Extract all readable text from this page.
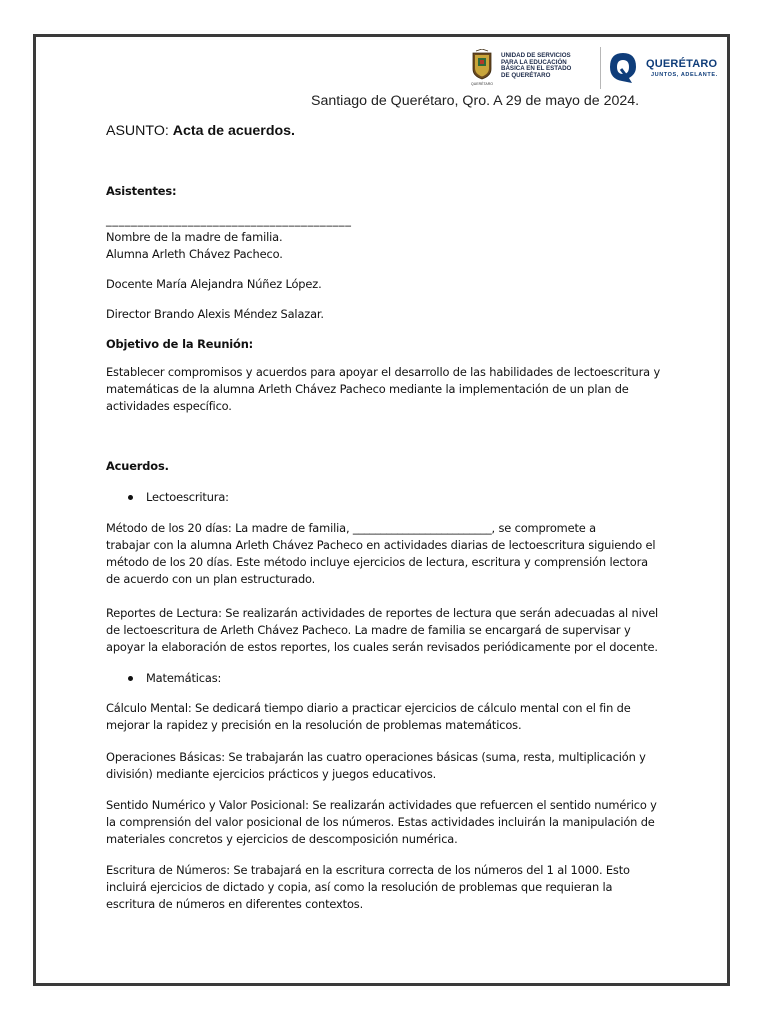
QUERÉTARO
UNIDAD DE SERVICIOS
PARA LA EDUCACIÓN
BÁSICA EN EL ESTADO
DE QUERÉTARO
QUERÉTARO
JUNTOS, ADELANTE.
Santiago de Querétaro, Qro. A 29 de mayo de 2024.
ASUNTO: Acta de acuerdos.
Asistentes:
_______________________________________
Nombre de la madre de familia.
Alumna Arleth Chávez Pacheco.
Docente María Alejandra Núñez López.
Director Brando Alexis Méndez Salazar.
Objetivo de la Reunión:
Establecer compromisos y acuerdos para apoyar el desarrollo de las habilidades de lectoescritura y
matemáticas de la alumna Arleth Chávez Pacheco mediante la implementación de un plan de
actividades específico.
Acuerdos.
Lectoescritura:
Método de los 20 días: La madre de familia, _________________________, se compromete a
trabajar con la alumna Arleth Chávez Pacheco en actividades diarias de lectoescritura siguiendo el
método de los 20 días. Este método incluye ejercicios de lectura, escritura y comprensión lectora
de acuerdo con un plan estructurado.
Reportes de Lectura: Se realizarán actividades de reportes de lectura que serán adecuadas al nivel
de lectoescritura de Arleth Chávez Pacheco. La madre de familia se encargará de supervisar y
apoyar la elaboración de estos reportes, los cuales serán revisados periódicamente por el docente.
Matemáticas:
Cálculo Mental: Se dedicará tiempo diario a practicar ejercicios de cálculo mental con el fin de
mejorar la rapidez y precisión en la resolución de problemas matemáticos.
Operaciones Básicas: Se trabajarán las cuatro operaciones básicas (suma, resta, multiplicación y
división) mediante ejercicios prácticos y juegos educativos.
Sentido Numérico y Valor Posicional: Se realizarán actividades que refuercen el sentido numérico y
la comprensión del valor posicional de los números. Estas actividades incluirán la manipulación de
materiales concretos y ejercicios de descomposición numérica.
Escritura de Números: Se trabajará en la escritura correcta de los números del 1 al 1000. Esto
incluirá ejercicios de dictado y copia, así como la resolución de problemas que requieran la
escritura de números en diferentes contextos.
